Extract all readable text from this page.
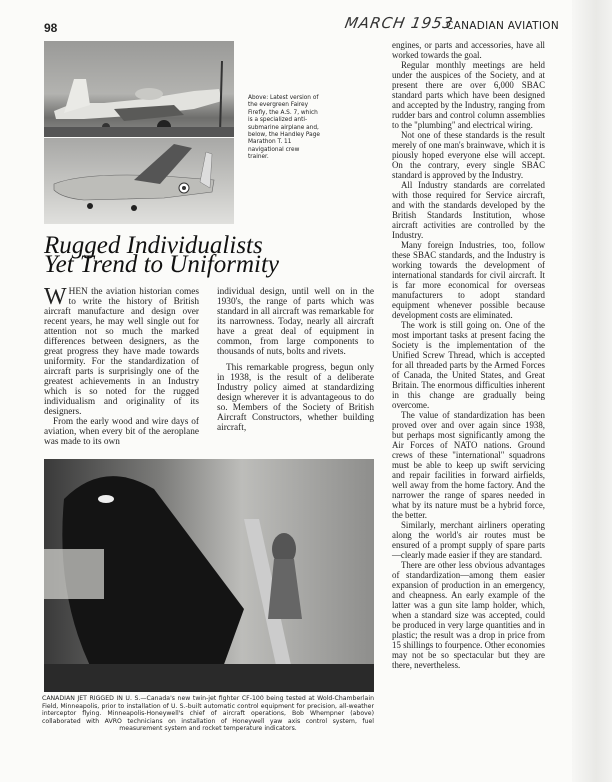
98	MARCH 1953
CANADIAN AVIATION
Above: Latest version of the evergreen Fairey Firefly, the A.S. 7, which is a specialized anti-submarine airplane and, below, the Handley Page Marathon T. 11 navigational crew trainer.
Rugged Individualists
Yet Trend to Uniformity

WHEN the aviation historian comes to write the history of British aircraft manufacture and design over recent years, he may well single out for attention not so much the marked differences between designers, as the great progress they have made towards uniformity. For the standardization of aircraft parts is surprisingly one of the greatest achievements in an Industry which is so noted for the rugged individualism and originality of its designers.

From the early wood and wire days of aviation, when every bit of the aeroplane was made to its own

individual design, until well on in the 1930's, the range of parts which was standard in all aircraft was remarkable for its narrowness. Today, nearly all aircraft have a great deal of equipment in common, from large components to thousands of nuts, bolts and rivets.

This remarkable progress, begun only in 1938, is the result of a deliberate Industry policy aimed at standardizing design wherever it is advantageous to do so. Members of the Society of British Aircraft Constructors, whether building aircraft,

engines, or parts and accessories, have all worked towards the goal.

Regular monthly meetings are held under the auspices of the Society, and at present there are over 6,000 SBAC standard parts which have been designed and accepted by the Industry, ranging from rudder bars and control column assemblies to the "plumbing" and electrical wiring.

Not one of these standards is the result merely of one man's brainwave, which it is piously hoped everyone else will accept. On the contrary, every single SBAC standard is approved by the Industry.

All Industry standards are correlated with those required for Service aircraft, and with the standards developed by the British Standards Institution, whose aircraft activities are controlled by the Industry.

Many foreign Industries, too, follow these SBAC standards, and the Industry is working towards the development of international standards for civil aircraft. It is far more economical for overseas manufacturers to adopt standard equipment whenever possible because development costs are eliminated.

The work is still going on. One of the most important tasks at present facing the Society is the implementation of the Unified Screw Thread, which is accepted for all threaded parts by the Armed Forces of Canada, the United States, and Great Britain. The enormous difficulties inherent in this change are gradually being overcome.

The value of standardization has been proved over and over again since 1938, but perhaps most significantly among the Air Forces of NATO nations. Ground crews of these "international" squadrons must be able to keep up swift servicing and repair facilities in forward airfields, well away from the home factory. And the narrower the range of spares needed in what by its nature must be a hybrid force, the better.

Similarly, merchant airliners operating along the world's air routes must be ensured of a prompt supply of spare parts—clearly made easier if they are standard.

There are other less obvious advantages of standardization—among them easier expansion of production in an emergency, and cheapness. An early example of the latter was a gun site lamp holder, which, when a standard size was accepted, could be produced in very large quantities and in plastic; the result was a drop in price from 15 shillings to fourpence. Other economies may not be so spectacular but they are there, nevertheless.

CANADIAN JET RIGGED IN U. S.—Canada's new twin-jet fighter CF-100 being tested at Wold-Chamberlain Field, Minneapolis, prior to installation of U. S.-built automatic control equipment for precision, all-weather interceptor flying. Minneapolis-Honeywell's chief of aircraft operations, Bob Whempner (above) collaborated with AVRO technicians on installation of Honeywell yaw axis control system, fuel measurement system and rocket temperature indicators.
